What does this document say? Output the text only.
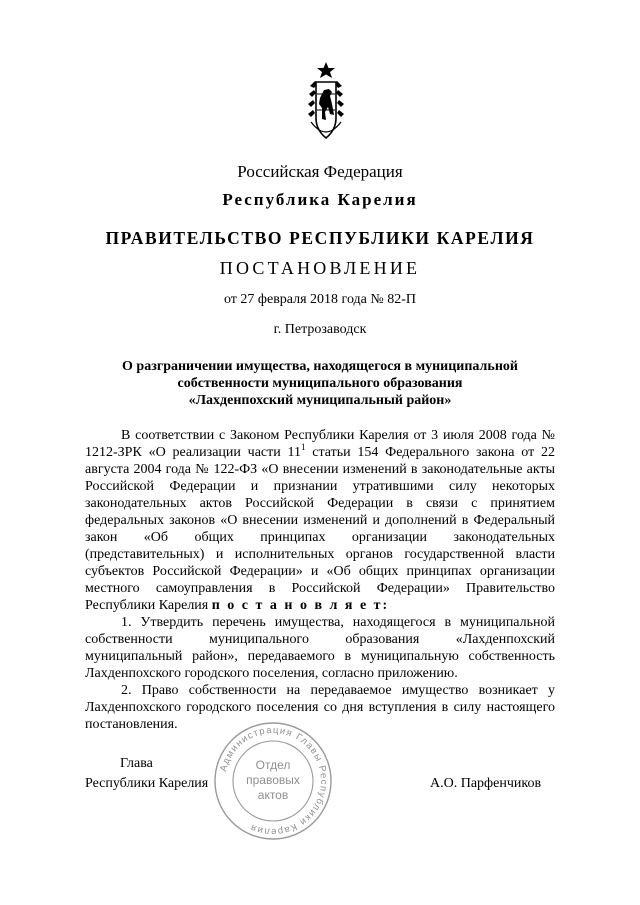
Российская Федерация
Республика Карелия
ПРАВИТЕЛЬСТВО РЕСПУБЛИКИ КАРЕЛИЯ
ПОСТАНОВЛЕНИЕ
от 27 февраля 2018 года № 82-П
г. Петрозаводск
О разграничении имущества, находящегося в муниципальной
собственности муниципального образования
«Лахденпохский муниципальный район»

В соответствии с Законом Республики Карелия от 3 июля 2008 года № 1212-ЗРК «О реализации части $11^1$ статьи 154 Федерального закона от 22 августа 2004 года № 122-ФЗ «О внесении изменений в законодательные акты Российской Федерации и признании утратившими силу некоторых законодательных актов Российской Федерации в связи с принятием федеральных законов «О внесении изменений и дополнений в Федеральный закон «Об общих принципах организации законодательных (представительных) и исполнительных органов государственной власти субъектов Российской Федерации» и «Об общих принципах организации местного самоуправления в Российской Федерации» Правительство Республики Карелия п о с т а н о в л я е т:

1. Утвердить перечень имущества, находящегося в муниципальной собственности муниципального образования «Лахденпохский муниципальный район», передаваемого в муниципальную собственность Лахденпохского городского поселения, согласно приложению.

2. Право собственности на передаваемое имущество возникает у Лахденпохского городского поселения со дня вступления в силу настоящего постановления.

Глава
Республики Карелия	А.О. Парфенчиков
Администрация Главы Республики Карелия
Отдел
правовых
актов
